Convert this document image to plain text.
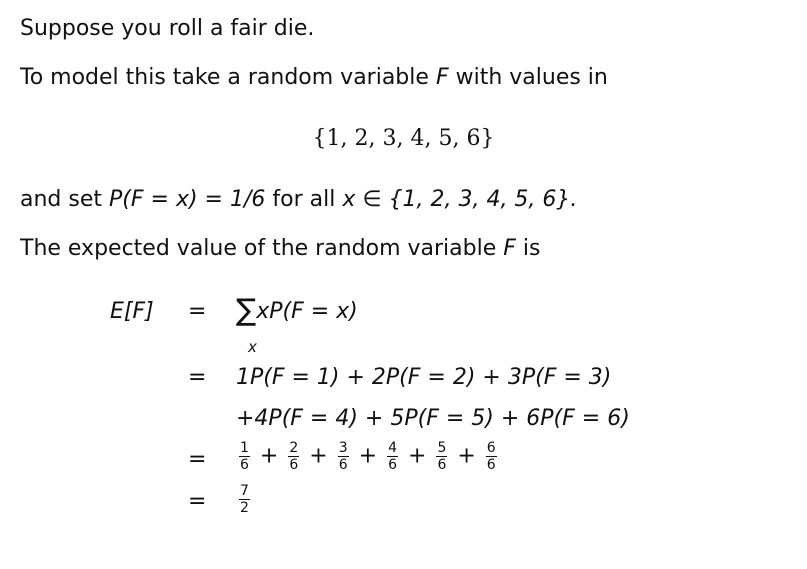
Suppose you roll a fair die.
To model this take a random variable F with values in
{1, 2, 3, 4, 5, 6}
and set P(F = x) = 1/6 for all x ∈ {1, 2, 3, 4, 5, 6}.
The expected value of the random variable F is
E[F] = ∑xP(F = x)
x
= 1P(F = 1) + 2P(F = 2) + 3P(F = 3)
+4P(F = 4) + 5P(F = 5) + 6P(F = 6)
= $\frac{1}{6} + \frac{2}{6} + \frac{3}{6} + \frac{4}{6} + \frac{5}{6} + \frac{6}{6}$
= $\frac{7}{2}$
